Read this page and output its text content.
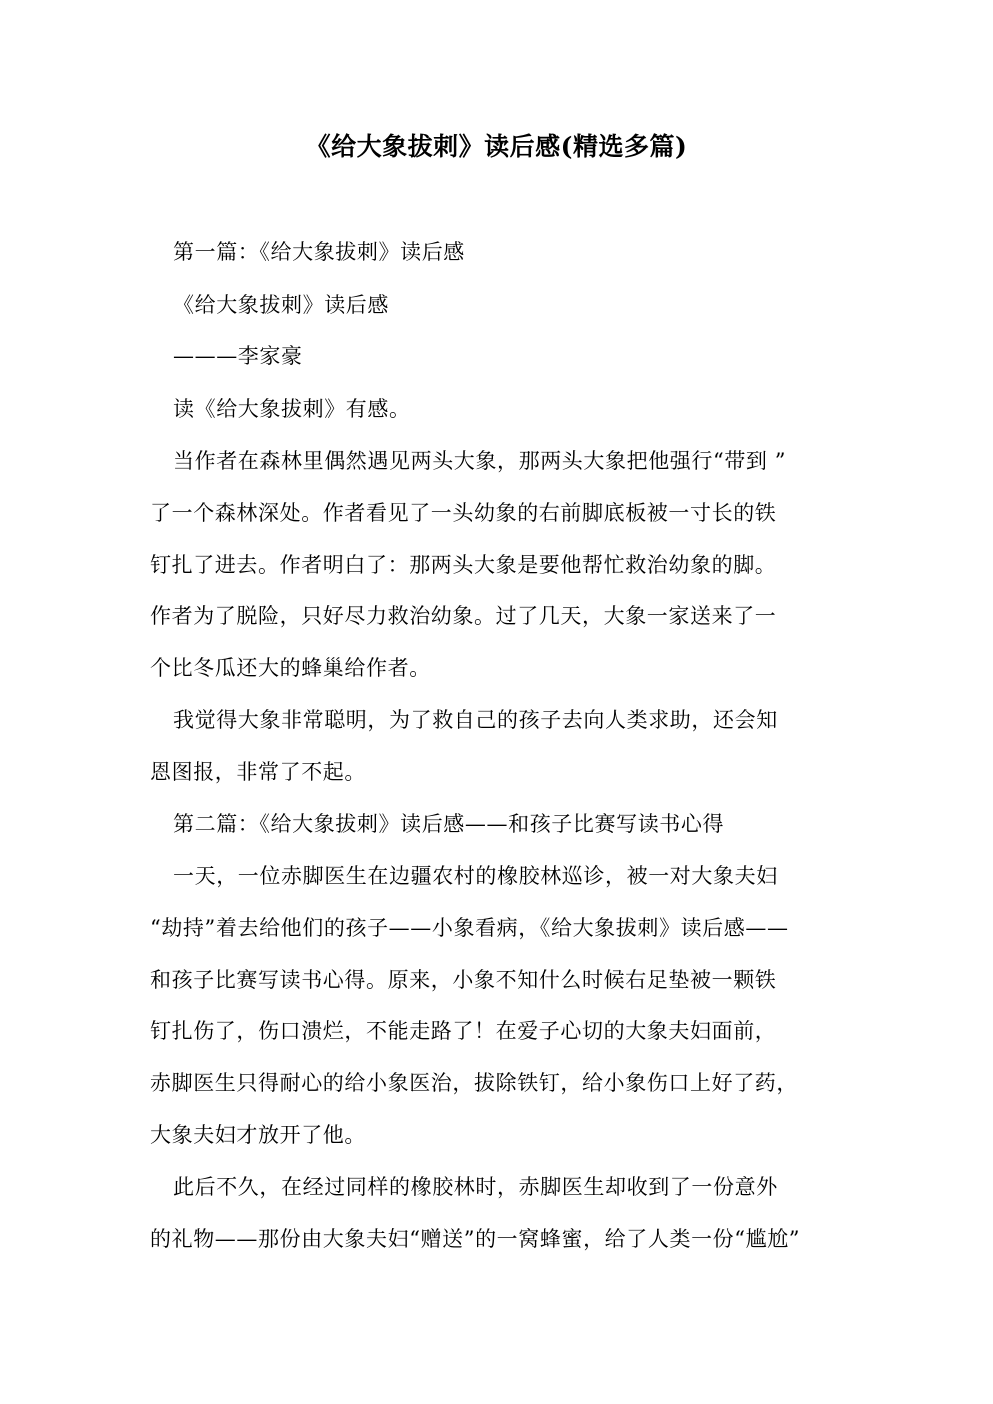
《给大象拔刺》读后感(精选多篇)
第一篇：《给大象拔刺》读后感
《给大象拔刺》读后感
———李家豪
读《给大象拔刺》有感。
当作者在森林里偶然遇见两头大象，那两头大象把他强行“带到 ”
了一个森林深处。作者看见了一头幼象的右前脚底板被一寸长的铁
钉扎了进去。作者明白了：那两头大象是要他帮忙救治幼象的脚。
作者为了脱险，只好尽力救治幼象。过了几天，大象一家送来了一
个比冬瓜还大的蜂巢给作者。
我觉得大象非常聪明，为了救自己的孩子去向人类求助，还会知
恩图报，非常了不起。
第二篇：《给大象拔刺》读后感——和孩子比赛写读书心得
一天，一位赤脚医生在边疆农村的橡胶林巡诊，被一对大象夫妇
“劫持”着去给他们的孩子——小象看病，《给大象拔刺》读后感——
和孩子比赛写读书心得。原来，小象不知什么时候右足垫被一颗铁
钉扎伤了，伤口溃烂，不能走路了！在爱子心切的大象夫妇面前，
赤脚医生只得耐心的给小象医治，拔除铁钉，给小象伤口上好了药，
大象夫妇才放开了他。
此后不久，在经过同样的橡胶林时，赤脚医生却收到了一份意外
的礼物——那份由大象夫妇“赠送”的一窝蜂蜜，给了人类一份“尴尬”
